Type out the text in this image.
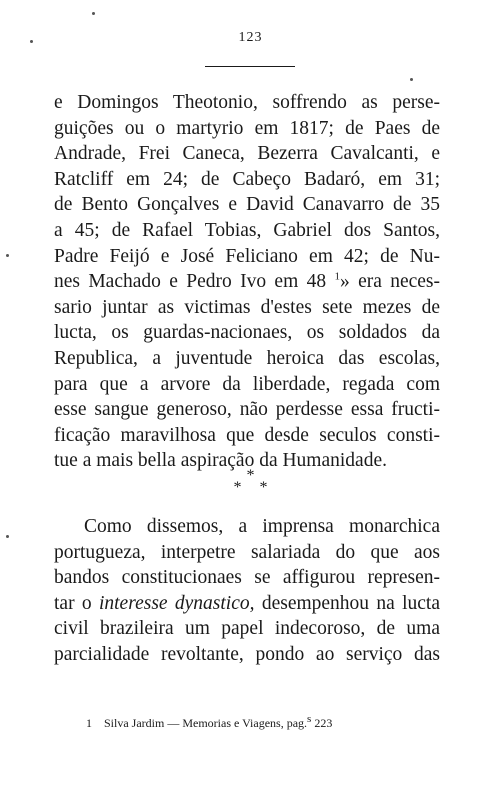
123
e Domingos Theotonio, soffrendo as perse-
guições ou o martyrio em 1817; de Paes de
Andrade, Frei Caneca, Bezerra Cavalcanti, e
Ratcliff em 24; de Cabeço Badaró, em 31;
de Bento Gonçalves e David Canavarro de 35
a 45; de Rafael Tobias, Gabriel dos Santos,
Padre Feijó e José Feliciano em 42; de Nu-
nes Machado e Pedro Ivo em 48 $^1$» era neces-
sario juntar as victimas d'estes sete mezes de
lucta, os guardas-nacionaes, os soldados da
Republica, a juventude heroica das escolas,
para que a arvore da liberdade, regada com
esse sangue generoso, não perdesse essa fructi-
ficação maravilhosa que desde seculos consti-
tue a mais bella aspiração da Humanidade.
*
**
Como dissemos, a imprensa monarchica
portugueza, interpetre salariada do que aos
bandos constitucionaes se affigurou represen-
tar o interesse dynastico, desempenhou na lucta
civil brazileira um papel indecoroso, de uma
parcialidade revoltante, pondo ao serviço das
1 Silva Jardim — Memorias e Viagens, pag.s 223
